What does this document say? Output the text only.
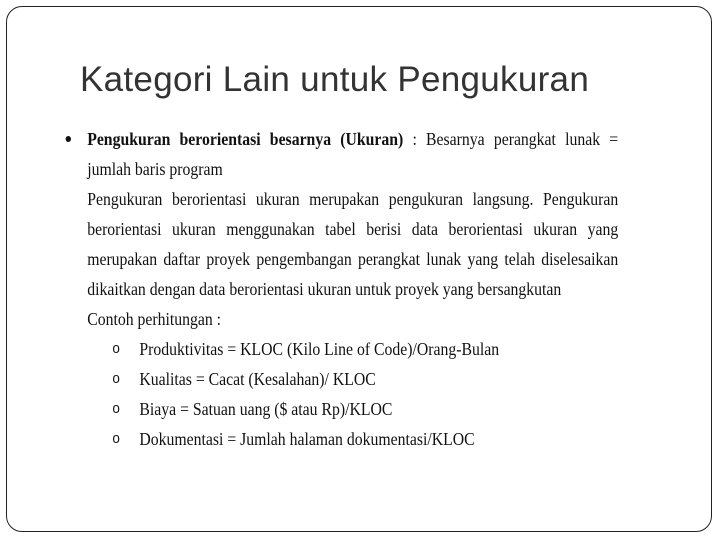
Kategori Lain untuk Pengukuran
Pengukuran berorientasi besarnya (Ukuran) : Besarnya perangkat lunak = jumlah baris program
Pengukuran berorientasi ukuran merupakan pengukuran langsung. Pengukuran berorientasi ukuran menggunakan tabel berisi data berorientasi ukuran yang merupakan daftar proyek pengembangan perangkat lunak yang telah diselesaikan dikaitkan dengan data berorientasi ukuran untuk proyek yang bersangkutan
Contoh perhitungan :
o Produktivitas = KLOC (Kilo Line of Code)/Orang-Bulan
o Kualitas = Cacat (Kesalahan)/ KLOC
o Biaya = Satuan uang ($ atau Rp)/KLOC
o Dokumentasi = Jumlah halaman dokumentasi/KLOC
